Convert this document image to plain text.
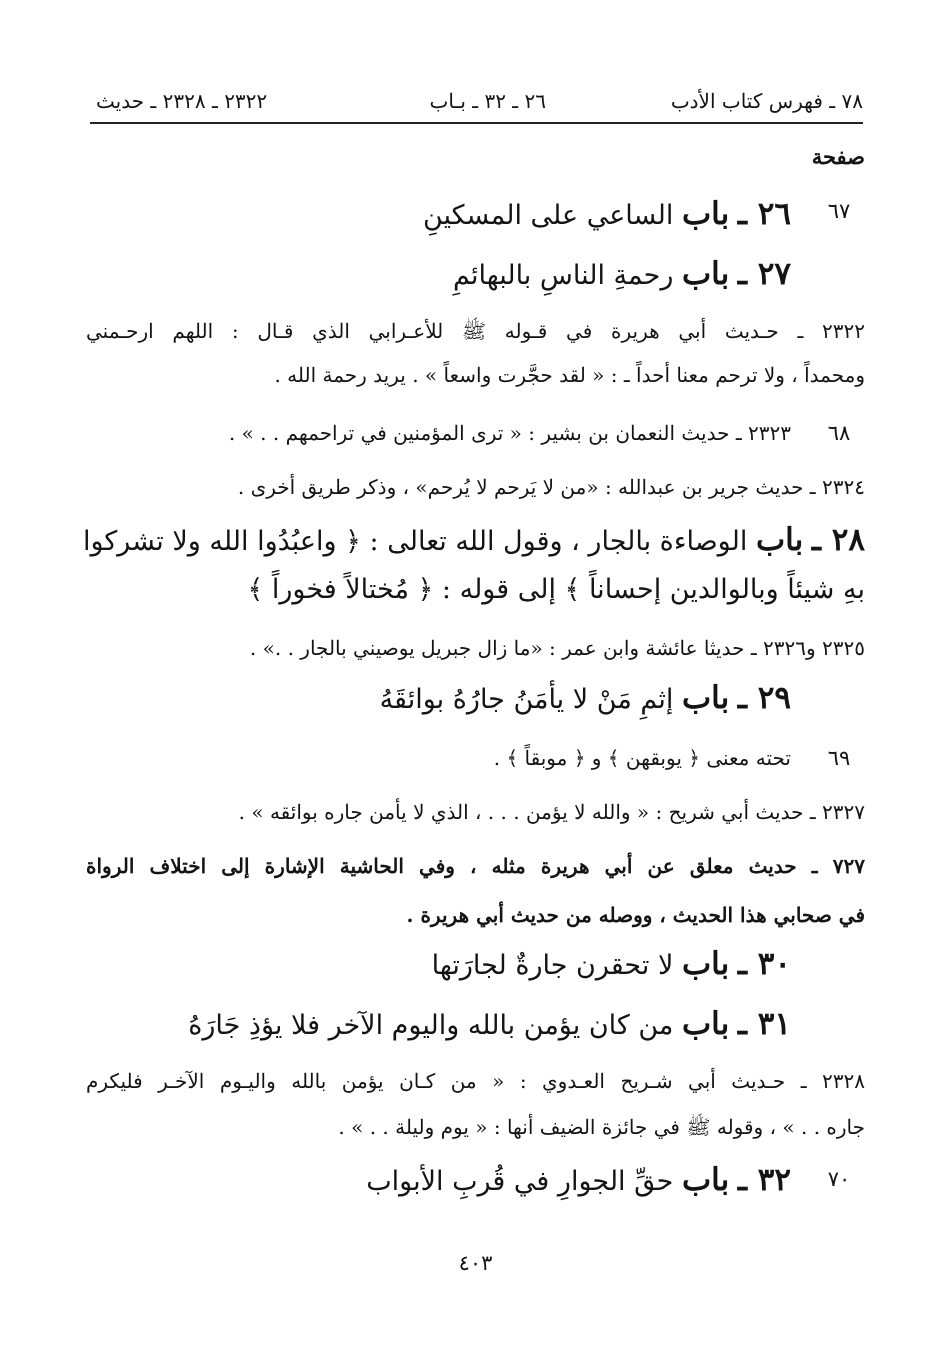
٧٨ ـ فهرس كتاب الأدب
٢٦ ـ ٣٢ ـ بـاب
٢٣٢٢ ـ ٢٣٢٨ ـ حديث
صفحة
٦٧
٦٨
٦٩
٧٠
٢٦ ـ باب الساعي على المسكينِ
٢٧ ـ باب رحمةِ الناسِ بالبهائمِ
٢٣٢٢ ـ حـديث أبي هريرة في قـوله ﷺ للأعـرابي الذي قـال : اللهم ارحـمني
ومحمداً ، ولا ترحم معنا أحداً ـ : « لقد حجَّرت واسعاً » . يريد رحمة الله .
٢٣٢٣ ـ حديث النعمان بن بشير : « ترى المؤمنين في تراحمهم . . » .
٢٣٢٤ ـ حديث جرير بن عبدالله : «من لا يَرحم لا يُرحم» ، وذكر طريق أخرى .
٢٨ ـ باب الوصاءة بالجار ، وقول الله تعالى : ﴿ واعبُدُوا الله ولا تشركوا
بهِ شيئاً وبالوالدين إحساناً ﴾ إلى قوله : ﴿ مُختالاً فخوراً ﴾
٢٣٢٥ و٢٣٢٦ ـ حديثا عائشة وابن عمر : «ما زال جبريل يوصيني بالجار . .» .
٢٩ ـ باب إثمِ مَنْ لا يأمَنُ جارُهُ بوائقَهُ
تحته معنى ﴿ يوبقهن ﴾ و ﴿ موبقاً ﴾ .
٢٣٢٧ ـ حديث أبي شريح : « والله لا يؤمن . . . ، الذي لا يأمن جاره بوائقه » .
٧٢٧ ـ حديث معلق عن أبي هريرة مثله ، وفي الحاشية الإشارة إلى اختلاف الرواة
في صحابي هذا الحديث ، ووصله من حديث أبي هريرة .
٣٠ ـ باب لا تحقرن جارةٌ لجارَتها
٣١ ـ باب من كان يؤمن بالله واليوم الآخر فلا يؤذِ جَارَهُ
٢٣٢٨ ـ حـديث أبي شـريح العـدوي : « من كـان يؤمن بالله واليـوم الآخـر فليكرم
جاره . . » ، وقوله ﷺ في جائزة الضيف أنها : « يوم وليلة . . » .
٣٢ ـ باب حقِّ الجوارِ في قُربِ الأبواب
٤٠٣
